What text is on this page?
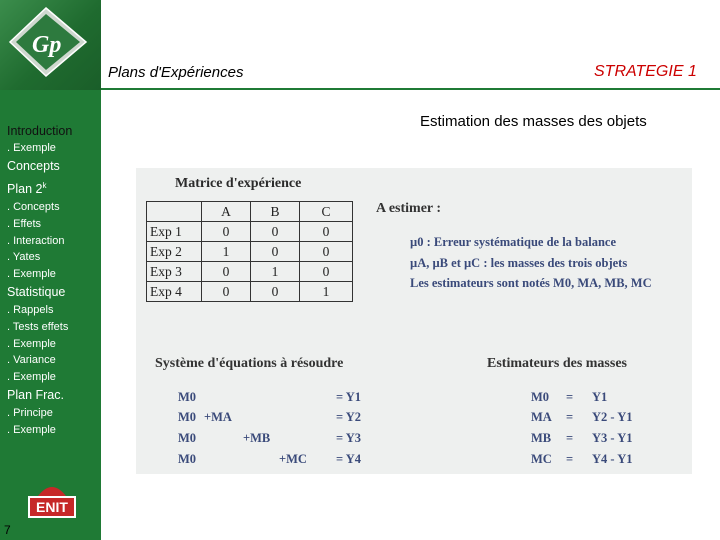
Gp
Introduction
. Exemple
Concepts
Plan 2$^k$
. Concepts
. Effets
. Interaction
. Yates
. Exemple
Statistique
. Rappels
. Tests effets
. Exemple
. Variance
. Exemple
Plan Frac.
. Principe
. Exemple
ENIT
7
Plans d'Expériences	STRATEGIE 1
Estimation des masses des objets
Matrice d'expérience
	A	B	C
Exp 1	0	0	0
Exp 2	1	0	0
Exp 3	0	1	0
Exp 4	0	0	1
A estimer :
µ0 : Erreur systématique de la balance
µA, µB et µC : les masses des trois objets
Les estimateurs sont notés M0, MA, MB, MC
Système d'équations à résoudre	Estimateurs des masses
M0	= Y1
M0 +MA	= Y2
M0	+MB	= Y3
M0	+MC = Y4
M0 = Y1
MA = Y2 - Y1
MB = Y3 - Y1
MC = Y4 - Y1
